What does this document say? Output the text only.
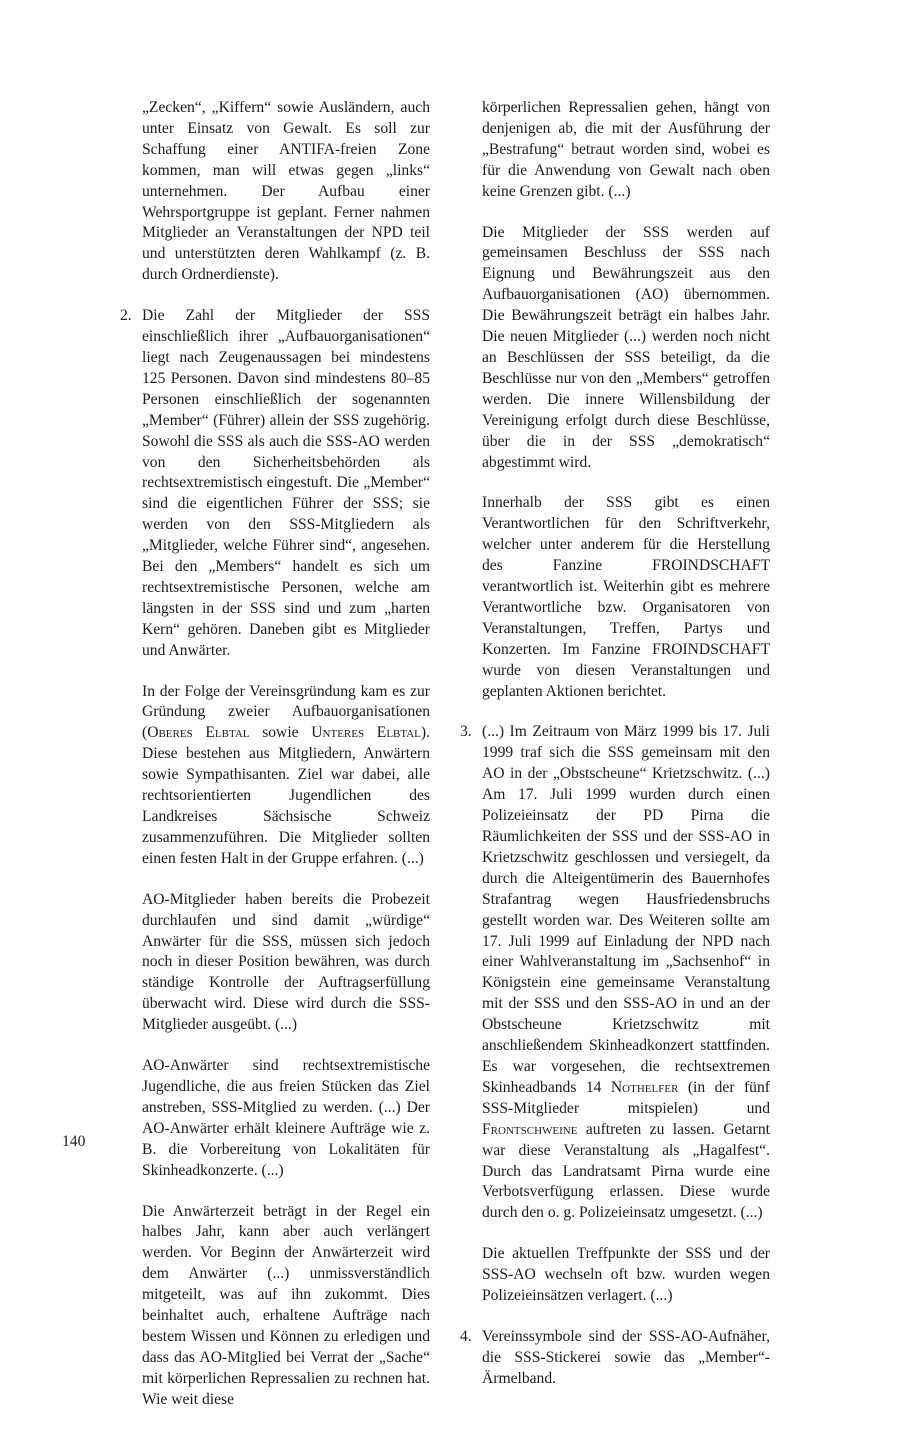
„Zecken“, „Kiffern“ sowie Ausländern, auch unter Einsatz von Gewalt. Es soll zur Schaffung einer ANTIFA-freien Zone kommen, man will etwas gegen „links“ unternehmen. Der Aufbau einer Wehrsportgruppe ist geplant. Ferner nahmen Mitglieder an Veranstaltungen der NPD teil und unterstützten deren Wahlkampf (z. B. durch Ordnerdienste).

2. Die Zahl der Mitglieder der SSS einschließlich ihrer „Aufbauorganisationen“ liegt nach Zeugenaussagen bei mindestens 125 Personen. Davon sind mindestens 80–85 Personen einschließlich der sogenannten „Member“ (Führer) allein der SSS zugehörig. Sowohl die SSS als auch die SSS-AO werden von den Sicherheitsbehörden als rechtsextremistisch eingestuft. Die „Member“ sind die eigentlichen Führer der SSS; sie werden von den SSS-Mitgliedern als „Mitglieder, welche Führer sind“, angesehen. Bei den „Members“ handelt es sich um rechtsextremistische Personen, welche am längsten in der SSS sind und zum „harten Kern“ gehören. Daneben gibt es Mitglieder und Anwärter.

In der Folge der Vereinsgründung kam es zur Gründung zweier Aufbauorganisationen (Oberes Elbtal sowie Unteres Elbtal). Diese bestehen aus Mitgliedern, Anwärtern sowie Sympathisanten. Ziel war dabei, alle rechtsorientierten Jugendlichen des Landkreises Sächsische Schweiz zusammenzuführen. Die Mitglieder sollten einen festen Halt in der Gruppe erfahren. (...)

AO-Mitglieder haben bereits die Probezeit durchlaufen und sind damit „würdige“ Anwärter für die SSS, müssen sich jedoch noch in dieser Position bewähren, was durch ständige Kontrolle der Auftragserfüllung überwacht wird. Diese wird durch die SSS-Mitglieder ausgeübt. (...)

AO-Anwärter sind rechtsextremistische Jugendliche, die aus freien Stücken das Ziel anstreben, SSS-Mitglied zu werden. (...) Der AO-Anwärter erhält kleinere Aufträge wie z. B. die Vorbereitung von Lokalitäten für Skinheadkonzerte. (...)

Die Anwärterzeit beträgt in der Regel ein halbes Jahr, kann aber auch verlängert werden. Vor Beginn der Anwärterzeit wird dem Anwärter (...) unmissverständlich mitgeteilt, was auf ihn zukommt. Dies beinhaltet auch, erhaltene Aufträge nach bestem Wissen und Können zu erledigen und dass das AO-Mitglied bei Verrat der „Sache“ mit körperlichen Repressalien zu rechnen hat. Wie weit diese

körperlichen Repressalien gehen, hängt von denjenigen ab, die mit der Ausführung der „Bestrafung“ betraut worden sind, wobei es für die Anwendung von Gewalt nach oben keine Grenzen gibt. (...)

Die Mitglieder der SSS werden auf gemeinsamen Beschluss der SSS nach Eignung und Bewährungszeit aus den Aufbauorganisationen (AO) übernommen. Die Bewährungszeit beträgt ein halbes Jahr. Die neuen Mitglieder (...) werden noch nicht an Beschlüssen der SSS beteiligt, da die Beschlüsse nur von den „Members“ getroffen werden. Die innere Willensbildung der Vereinigung erfolgt durch diese Beschlüsse, über die in der SSS „demokratisch“ abgestimmt wird.

Innerhalb der SSS gibt es einen Verantwortlichen für den Schriftverkehr, welcher unter anderem für die Herstellung des Fanzine FROINDSCHAFT verantwortlich ist. Weiterhin gibt es mehrere Verantwortliche bzw. Organisatoren von Veranstaltungen, Treffen, Partys und Konzerten. Im Fanzine FROINDSCHAFT wurde von diesen Veranstaltungen und geplanten Aktionen berichtet.

3. (...) Im Zeitraum von März 1999 bis 17. Juli 1999 traf sich die SSS gemeinsam mit den AO in der „Obstscheune“ Krietzschwitz. (...) Am 17. Juli 1999 wurden durch einen Polizeieinsatz der PD Pirna die Räumlichkeiten der SSS und der SSS-AO in Krietzschwitz geschlossen und versiegelt, da durch die Alteigentümerin des Bauernhofes Strafantrag wegen Hausfriedensbruchs gestellt worden war. Des Weiteren sollte am 17. Juli 1999 auf Einladung der NPD nach einer Wahlveranstaltung im „Sachsenhof“ in Königstein eine gemeinsame Veranstaltung mit der SSS und den SSS-AO in und an der Obstscheune Krietzschwitz mit anschließendem Skinheadkonzert stattfinden. Es war vorgesehen, die rechtsextremen Skinheadbands 14 Nothelfer (in der fünf SSS-Mitglieder mitspielen) und Frontschweine auftreten zu lassen. Getarnt war diese Veranstaltung als „Hagalfest“. Durch das Landratsamt Pirna wurde eine Verbotsverfügung erlassen. Diese wurde durch den o. g. Polizeieinsatz umgesetzt. (...)

Die aktuellen Treffpunkte der SSS und der SSS-AO wechseln oft bzw. wurden wegen Polizeieinsätzen verlagert. (...)

4. Vereinssymbole sind der SSS-AO-Aufnäher, die SSS-Stickerei sowie das „Member“-Ärmelband.
140
